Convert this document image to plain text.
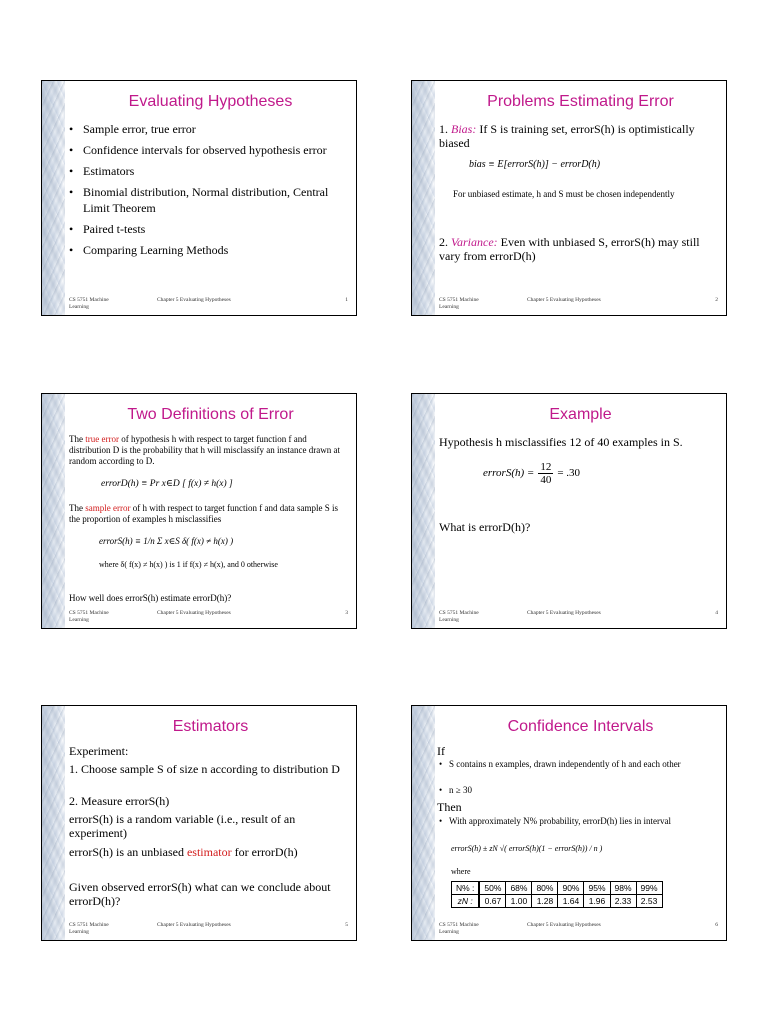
Evaluating Hypotheses
• Sample error, true error
• Confidence intervals for observed hypothesis error
• Estimators
• Binomial distribution, Normal distribution, Central Limit Theorem
• Paired t-tests
• Comparing Learning Methods
CS 5751 Machine Learning
Chapter 5 Evaluating Hypotheses	1
Problems Estimating Error
1. Bias: If S is training set, errorS(h) is optimistically biased
bias ≡ E[errorS(h)] − errorD(h)
For unbiased estimate, h and S must be chosen independently
2. Variance: Even with unbiased S, errorS(h) may still vary from errorD(h)
CS 5751 Machine Learning
Chapter 5 Evaluating Hypotheses	2
Two Definitions of Error
The true error of hypothesis h with respect to target function f and distribution D is the probability that h will misclassify an instance drawn at random according to D.
errorD(h) ≡ Pr x∈D [ f(x) ≠ h(x) ]
The sample error of h with respect to target function f and data sample S is the proportion of examples h misclassifies
errorS(h) ≡ 1/n Σ x∈S δ( f(x) ≠ h(x) )
where δ( f(x) ≠ h(x) ) is 1 if f(x) ≠ h(x), and 0 otherwise
How well does errorS(h) estimate errorD(h)?
CS 5751 Machine Learning
Chapter 5 Evaluating Hypotheses	3
Example
Hypothesis h misclassifies 12 of 40 examples in S.
errorS(h) = $\frac{12}{40} = .30$
What is errorD(h)?
CS 5751 Machine Learning
Chapter 5 Evaluating Hypotheses	4
Estimators
Experiment:
1. Choose sample S of size n according to distribution D
2. Measure errorS(h)
errorS(h) is a random variable (i.e., result of an experiment)
errorS(h) is an unbiased estimator for errorD(h)
Given observed errorS(h) what can we conclude about errorD(h)?
CS 5751 Machine Learning
Chapter 5 Evaluating Hypotheses	5
Confidence Intervals
If
• S contains n examples, drawn independently of h and each other
• n ≥ 30
Then
• With approximately N% probability, errorD(h) lies in interval
errorS(h) ± zN √( errorS(h)(1 − errorS(h)) / n )
where
N% :	50%	68%	80%	90%	95%	98%	99%
zN :	0.67	1.00	1.28	1.64	1.96	2.33	2.53
CS 5751 Machine Learning
Chapter 5 Evaluating Hypotheses	6
